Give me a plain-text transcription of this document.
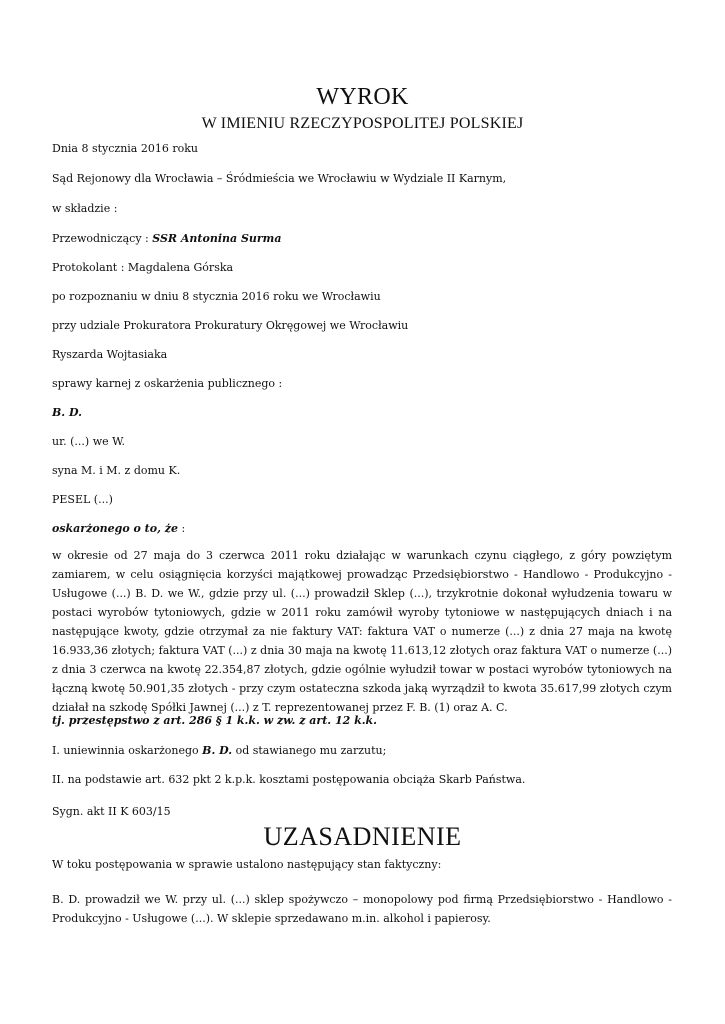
WYROK
W IMIENIU RZECZYPOSPOLITEJ POLSKIEJ
Dnia 8 stycznia 2016 roku
Sąd Rejonowy dla Wrocławia – Śródmieścia we Wrocławiu w Wydziale II Karnym,
w składzie :
Przewodniczący : SSR Antonina Surma
Protokolant : Magdalena Górska
po rozpoznaniu w dniu 8 stycznia 2016 roku we Wrocławiu
przy udziale Prokuratora Prokuratury Okręgowej we Wrocławiu
Ryszarda Wojtasiaka
sprawy karnej z oskarżenia publicznego :
B. D.
ur. (...) we W.
syna M. i M. z domu K.
PESEL (...)
oskarżonego o to, że :
w okresie od 27 maja do 3 czerwca 2011 roku działając w warunkach czynu ciągłego, z góry powziętym zamiarem, w celu osiągnięcia korzyści majątkowej prowadząc Przedsiębiorstwo - Handlowo - Produkcyjno - Usługowe (...) B. D. we W., gdzie przy ul. (...) prowadził Sklep (...), trzykrotnie dokonał wyłudzenia towaru w postaci wyrobów tytoniowych, gdzie w 2011 roku zamówił wyroby tytoniowe w następujących dniach i na następujące kwoty, gdzie otrzymał za nie faktury VAT: faktura VAT o numerze (...) z dnia 27 maja na kwotę 16.933,36 złotych; faktura VAT (...) z dnia 30 maja na kwotę 11.613,12 złotych oraz faktura VAT o numerze (...) z dnia 3 czerwca na kwotę 22.354,87 złotych, gdzie ogólnie wyłudził towar w postaci wyrobów tytoniowych na łączną kwotę 50.901,35 złotych - przy czym ostateczna szkoda jaką wyrządził to kwota 35.617,99 złotych czym działał na szkodę Spółki Jawnej (...) z T. reprezentowanej przez F. B. (1) oraz A. C.
tj. przestępstwo z art. 286 § 1 k.k. w zw. z art. 12 k.k.
I. uniewinnia oskarżonego B. D. od stawianego mu zarzutu;
II. na podstawie art. 632 pkt 2 k.p.k. kosztami postępowania obciąża Skarb Państwa.
Sygn. akt II K 603/15
UZASADNIENIE
W toku postępowania w sprawie ustalono następujący stan faktyczny:
B. D. prowadził we W. przy ul. (...) sklep spożywczo – monopolowy pod firmą Przedsiębiorstwo - Handlowo - Produkcyjno - Usługowe (...). W sklepie sprzedawano m.in. alkohol i papierosy.
